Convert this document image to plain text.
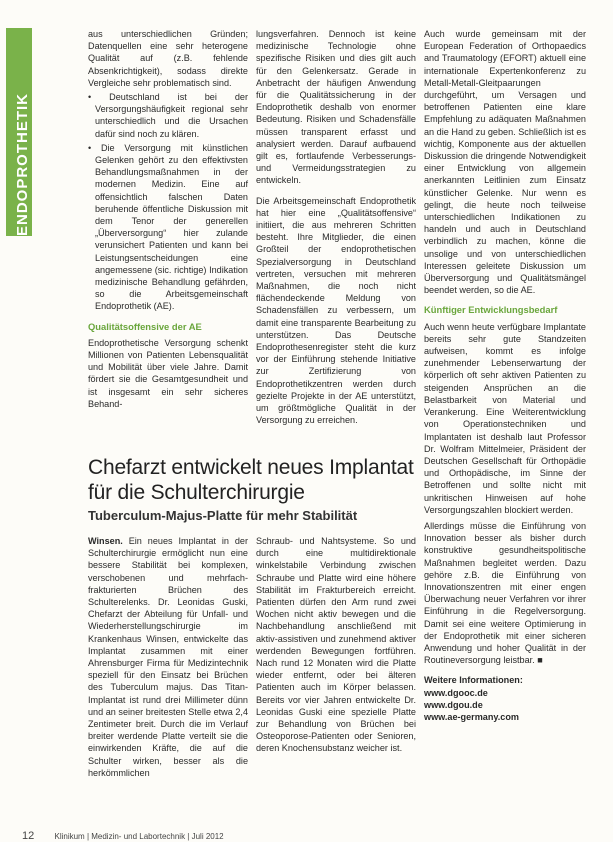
ENDOPROTHETIK

aus unterschiedlichen Gründen; Datenquellen eine sehr heterogene Qualität auf (z.B. fehlende Absenkrichtigkeit), sodass direkte Vergleiche sehr problematisch sind.

• Deutschland ist bei der Versorgungshäufigkeit regional sehr unterschiedlich und die Ursachen dafür sind noch zu klären.

• Die Versorgung mit künstlichen Gelenken gehört zu den effektivsten Behandlungsmaßnahmen in der modernen Medizin. Eine auf offensichtlich falschen Daten beruhende öffentliche Diskussion mit dem Tenor der generellen „Überversorgung“ hier zulande verunsichert Patienten und kann bei Leistungsentscheidungen eine angemessene (sic. richtige) Indikation medizinische Behandlung gefährden, so die Arbeitsgemeinschaft Endoprothetik (AE).

Qualitätsoffensive der AE

Endoprothetische Versorgung schenkt Millionen von Patienten Lebensqualität und Mobilität über viele Jahre. Damit fördert sie die Gesamtgesundheit und ist insgesamt ein sehr sicheres Behand-

lungsverfahren. Dennoch ist keine medizinische Technologie ohne spezifische Risiken und dies gilt auch für den Gelenkersatz. Gerade in Anbetracht der häufigen Anwendung für die Qualitätssicherung in der Endoprothetik deshalb von enormer Bedeutung. Risiken und Schadensfälle müssen transparent erfasst und analysiert werden. Darauf aufbauend gilt es, fortlaufende Verbesserungs- und Vermeidungsstrategien zu entwickeln.

Die Arbeitsgemeinschaft Endoprothetik hat hier eine „Qualitätsoffensive“ initiiert, die aus mehreren Schritten besteht. Ihre Mitglieder, die einen Großteil der endoprothetischen Spezialversorgung in Deutschland vertreten, versuchen mit mehreren Maßnahmen, die noch nicht flächendeckende Meldung von Schadensfällen zu verbessern, um damit eine transparente Bearbeitung zu unterstützen. Das Deutsche Endoprothesenregister steht die kurz vor der Einführung stehende Initiative zur Zertifizierung von Endoprothetikzentren werden durch gezielte Projekte in der AE unterstützt, um größtmögliche Qualität in der Versorgung zu erreichen.

Auch wurde gemeinsam mit der European Federation of Orthopaedics and Traumatology (EFORT) aktuell eine internationale Expertenkonferenz zu Metall-Metall-Gleitpaarungen durchgeführt, um Versagen und betroffenen Patienten eine klare Empfehlung zu adäquaten Maßnahmen an die Hand zu geben. Schließlich ist es wichtig, Komponente aus der aktuellen Diskussion die dringende Notwendigkeit einer Entwicklung von allgemein anerkannten Leitlinien zum Einsatz künstlicher Gelenke. Nur wenn es gelingt, die heute noch teilweise unterschiedlichen Indikationen zu handeln und auch in Deutschland verbindlich zu machen, könne die unsolige und von unterschiedlichen Interessen geleitete Diskussion um Überversorgung und Qualitätsmängel beendet werden, so die AE.

Künftiger Entwicklungsbedarf

Auch wenn heute verfügbare Implantate bereits sehr gute Standzeiten aufweisen, kommt es infolge zunehmender Lebenserwartung der körperlich oft sehr aktiven Patienten zu steigenden Ansprüchen an die Belastbarkeit von Material und Verankerung. Eine Weiterentwicklung von Operationstechniken und Implantaten ist deshalb laut Professor Dr. Wolfram Mittelmeier, Präsident der Deutschen Gesellschaft für Orthopädie und Orthopädische, im Sinne der Betroffenen und sollte nicht mit unkritischen Hinweisen auf hohe Versorgungszahlen blockiert werden.

Allerdings müsse die Einführung von Innovation besser als bisher durch konstruktive gesundheitspolitische Maßnahmen begleitet werden. Dazu gehöre z.B. die Einführung von Innovationszentren mit einer engen Überwachung neuer Verfahren vor ihrer Einführung in die Regelversorgung. Damit sei eine weitere Optimierung in der Endoprothetik mit einer sicheren Anwendung und hoher Qualität in der Routineversorgung leistbar. ■

Weitere Informationen:

www.dgooc.de

www.dgou.de

www.ae-germany.com

Chefarzt entwickelt neues Implantat für die Schulterchirurgie
Tuberculum-Majus-Platte für mehr Stabilität

Winsen. Ein neues Implantat in der Schulterchirurgie ermöglicht nun eine bessere Stabilität bei komplexen, verschobenen und mehrfach-frakturierten Brüchen des Schulterelenks. Dr. Leonidas Guski, Chefarzt der Abteilung für Unfall- und Wiederherstellungschirurgie im Krankenhaus Winsen, entwickelte das Implantat zusammen mit einer Ahrensburger Firma für Medizintechnik speziell für den Einsatz bei Brüchen des Tuberculum majus. Das Titan-Implantat ist rund drei Millimeter dünn und an seiner breitesten Stelle etwa 2,4 Zentimeter breit. Durch die im Verlauf breiter werdende Platte verteilt sie die einwirkenden Kräfte, die auf die Schulter wirken, besser als die herkömmlichen

Schraub- und Nahtsysteme. So und durch eine multidirektionale winkelstabile Verbindung zwischen Schraube und Platte wird eine höhere Stabilität im Frakturbereich erreicht. Patienten dürfen den Arm rund zwei Wochen nicht aktiv bewegen und die Nachbehandlung anschließend mit aktiv-assistiven und zunehmend aktiver werdenden Bewegungen fortführen. Nach rund 12 Monaten wird die Platte wieder entfernt, oder bei älteren Patienten auch im Körper belassen. Bereits vor vier Jahren entwickelte Dr. Leonidas Guski eine spezielle Platte zur Behandlung von Brüchen bei Osteoporose-Patienten oder Senioren, deren Knochensubstanz weicher ist.

12	Klinikum | Medizin- und Labortechnik | Juli 2012
